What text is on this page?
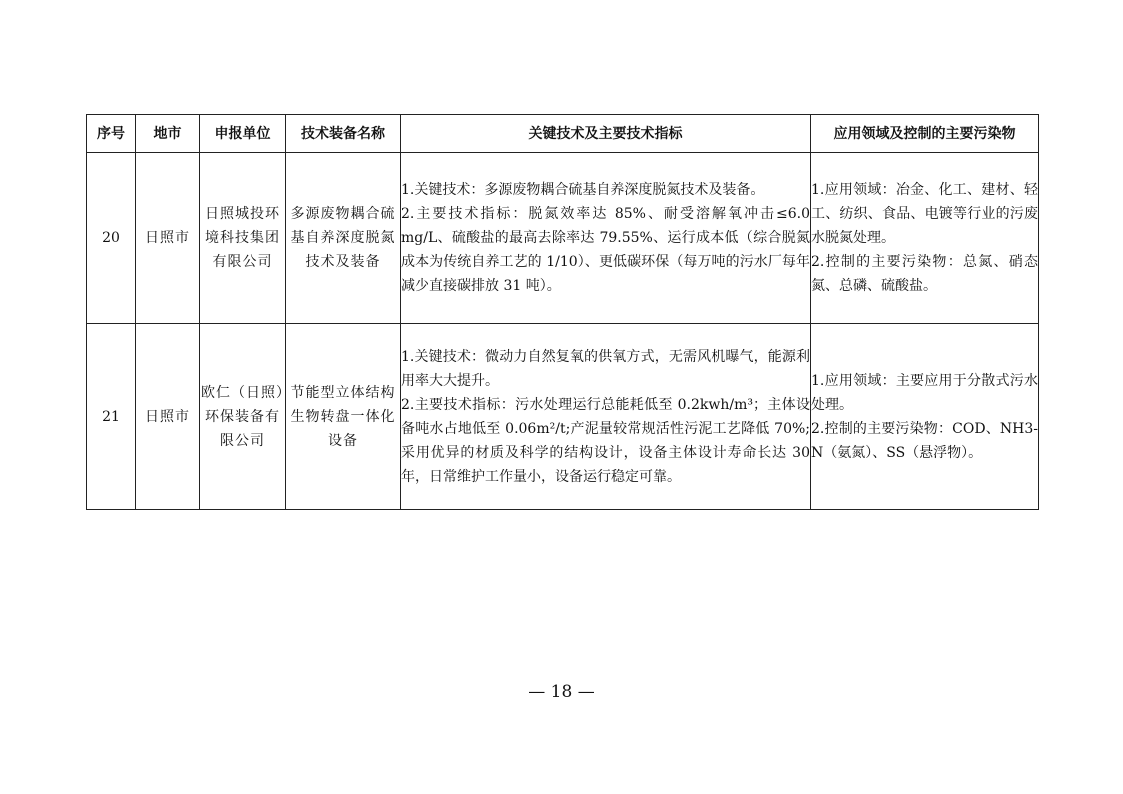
序号	地市	申报单位	技术装备名称	关键技术及主要技术指标	应用领域及控制的主要污染物
20	日照市	日照城投环境科技集团有限公司	多源废物耦合硫基自养深度脱氮技术及装备	1.关键技术：多源废物耦合硫基自养深度脱氮技术及装备。
2.主要技术指标：脱氮效率达 85%、耐受溶解氧冲击≤6.0 mg/L、硫酸盐的最高去除率达 79.55%、运行成本低（综合脱氮成本为传统自养工艺的 1/10）、更低碳环保（每万吨的污水厂每年减少直接碳排放 31 吨）。	1.应用领域：冶金、化工、建材、轻工、纺织、食品、电镀等行业的污废水脱氮处理。
2.控制的主要污染物：总氮、硝态氮、总磷、硫酸盐。

21	日照市	欧仁（日照）环保装备有限公司	节能型立体结构生物转盘一体化设备	1.关键技术：微动力自然复氧的供氧方式，无需风机曝气，能源利用率大大提升。
2.主要技术指标：污水处理运行总能耗低至 0.2kwh/m³；主体设备吨水占地低至 0.06m²/t;产泥量较常规活性污泥工艺降低 70%;采用优异的材质及科学的结构设计，设备主体设计寿命长达 30 年，日常维护工作量小，设备运行稳定可靠。	1.应用领域：主要应用于分散式污水处理。
2.控制的主要污染物：COD、NH3-N（氨氮）、SS（悬浮物）。
— 18 —
